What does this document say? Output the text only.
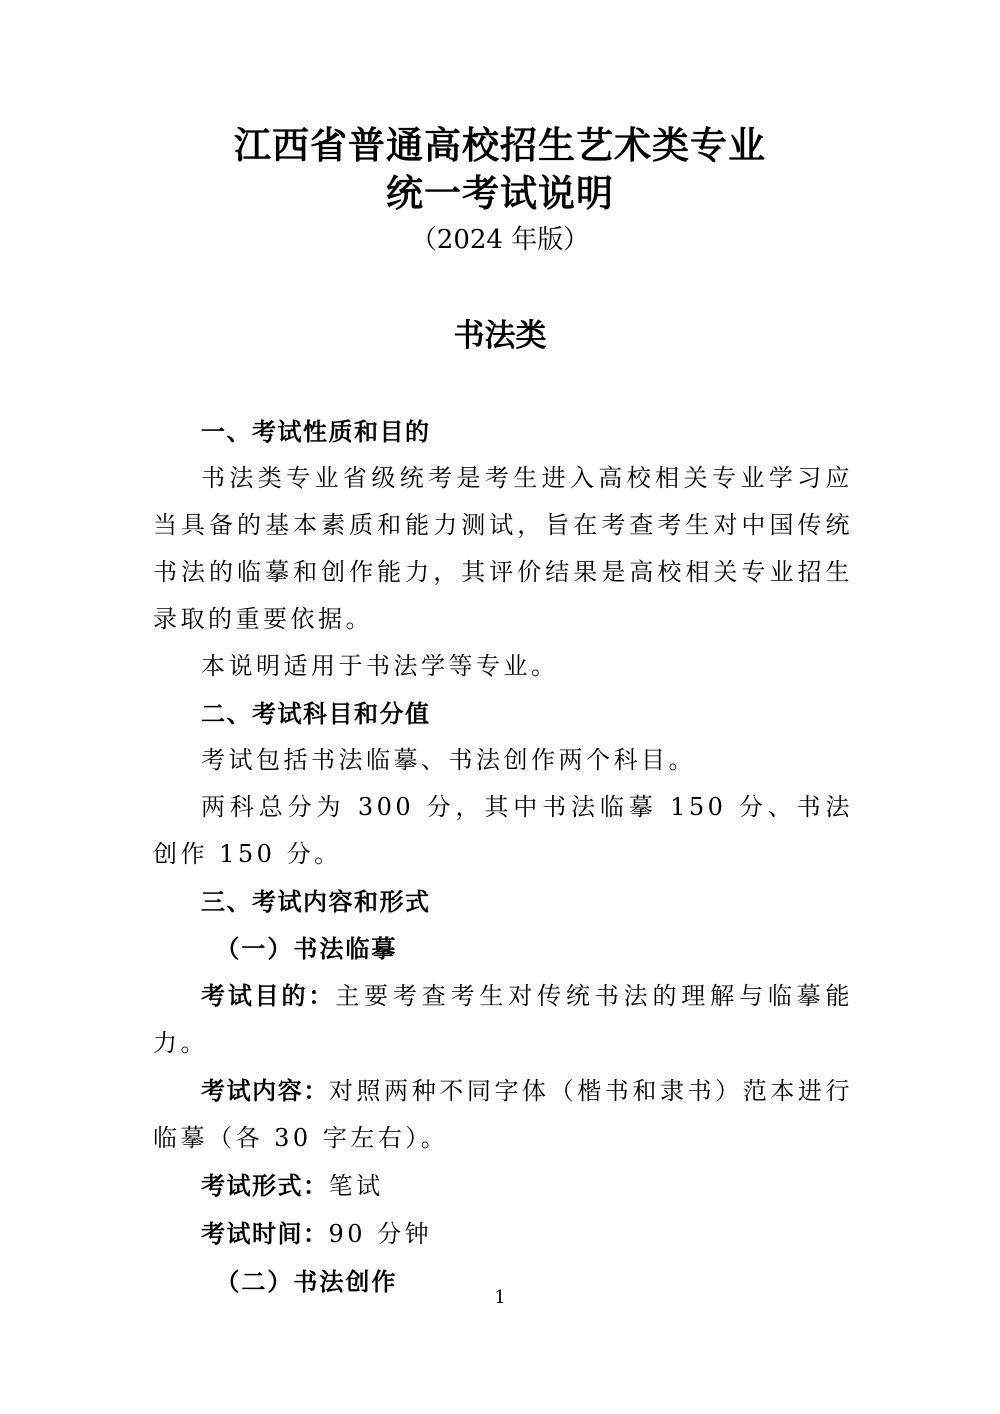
江西省普通高校招生艺术类专业
统一考试说明
（2024 年版）
书法类

一、考试性质和目的

书法类专业省级统考是考生进入高校相关专业学习应当具备的基本素质和能力测试，旨在考查考生对中国传统书法的临摹和创作能力，其评价结果是高校相关专业招生录取的重要依据。

本说明适用于书法学等专业。

二、考试科目和分值

考试包括书法临摹、书法创作两个科目。

两科总分为 300 分，其中书法临摹 150 分、书法创作 150 分。

三、考试内容和形式

（一）书法临摹

考试目的：主要考查考生对传统书法的理解与临摹能力。

考试内容：对照两种不同字体（楷书和隶书）范本进行临摹（各 30 字左右）。

考试形式：笔试

考试时间：90 分钟

（二）书法创作

1
